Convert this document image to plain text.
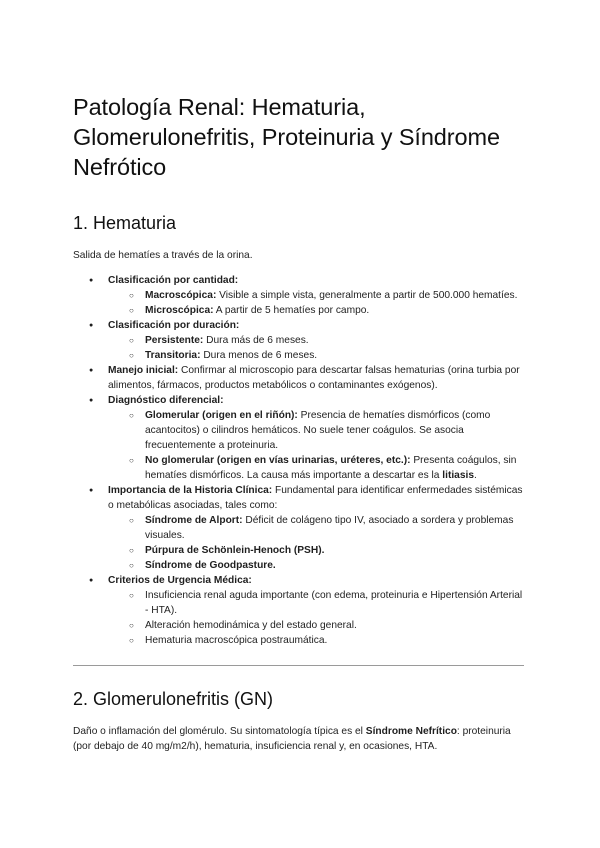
Patología Renal: Hematuria, Glomerulonefritis, Proteinuria y Síndrome Nefrótico
1. Hematuria

Salida de hematíes a través de la orina.

● Clasificación por cantidad:
○ Macroscópica: Visible a simple vista, generalmente a partir de 500.000 hematíes.
○ Microscópica: A partir de 5 hematíes por campo.
● Clasificación por duración:
○ Persistente: Dura más de 6 meses.
○ Transitoria: Dura menos de 6 meses.
● Manejo inicial: Confirmar al microscopio para descartar falsas hematurias (orina turbia por alimentos, fármacos, productos metabólicos o contaminantes exógenos).
● Diagnóstico diferencial:
○ Glomerular (origen en el riñón): Presencia de hematíes dismórficos (como acantocitos) o cilindros hemáticos. No suele tener coágulos. Se asocia frecuentemente a proteinuria.
○ No glomerular (origen en vías urinarias, uréteres, etc.): Presenta coágulos, sin hematíes dismórficos. La causa más importante a descartar es la litiasis.
● Importancia de la Historia Clínica: Fundamental para identificar enfermedades sistémicas o metabólicas asociadas, tales como:
○ Síndrome de Alport: Déficit de colágeno tipo IV, asociado a sordera y problemas visuales.
○ Púrpura de Schönlein-Henoch (PSH).
○ Síndrome de Goodpasture.
● Criterios de Urgencia Médica:
○ Insuficiencia renal aguda importante (con edema, proteinuria e Hipertensión Arterial - HTA).
○ Alteración hemodinámica y del estado general.
○ Hematuria macroscópica postraumática.
2. Glomerulonefritis (GN)

Daño o inflamación del glomérulo. Su sintomatología típica es el Síndrome Nefrítico: proteinuria (por debajo de 40 mg/m2/h), hematuria, insuficiencia renal y, en ocasiones, HTA.
